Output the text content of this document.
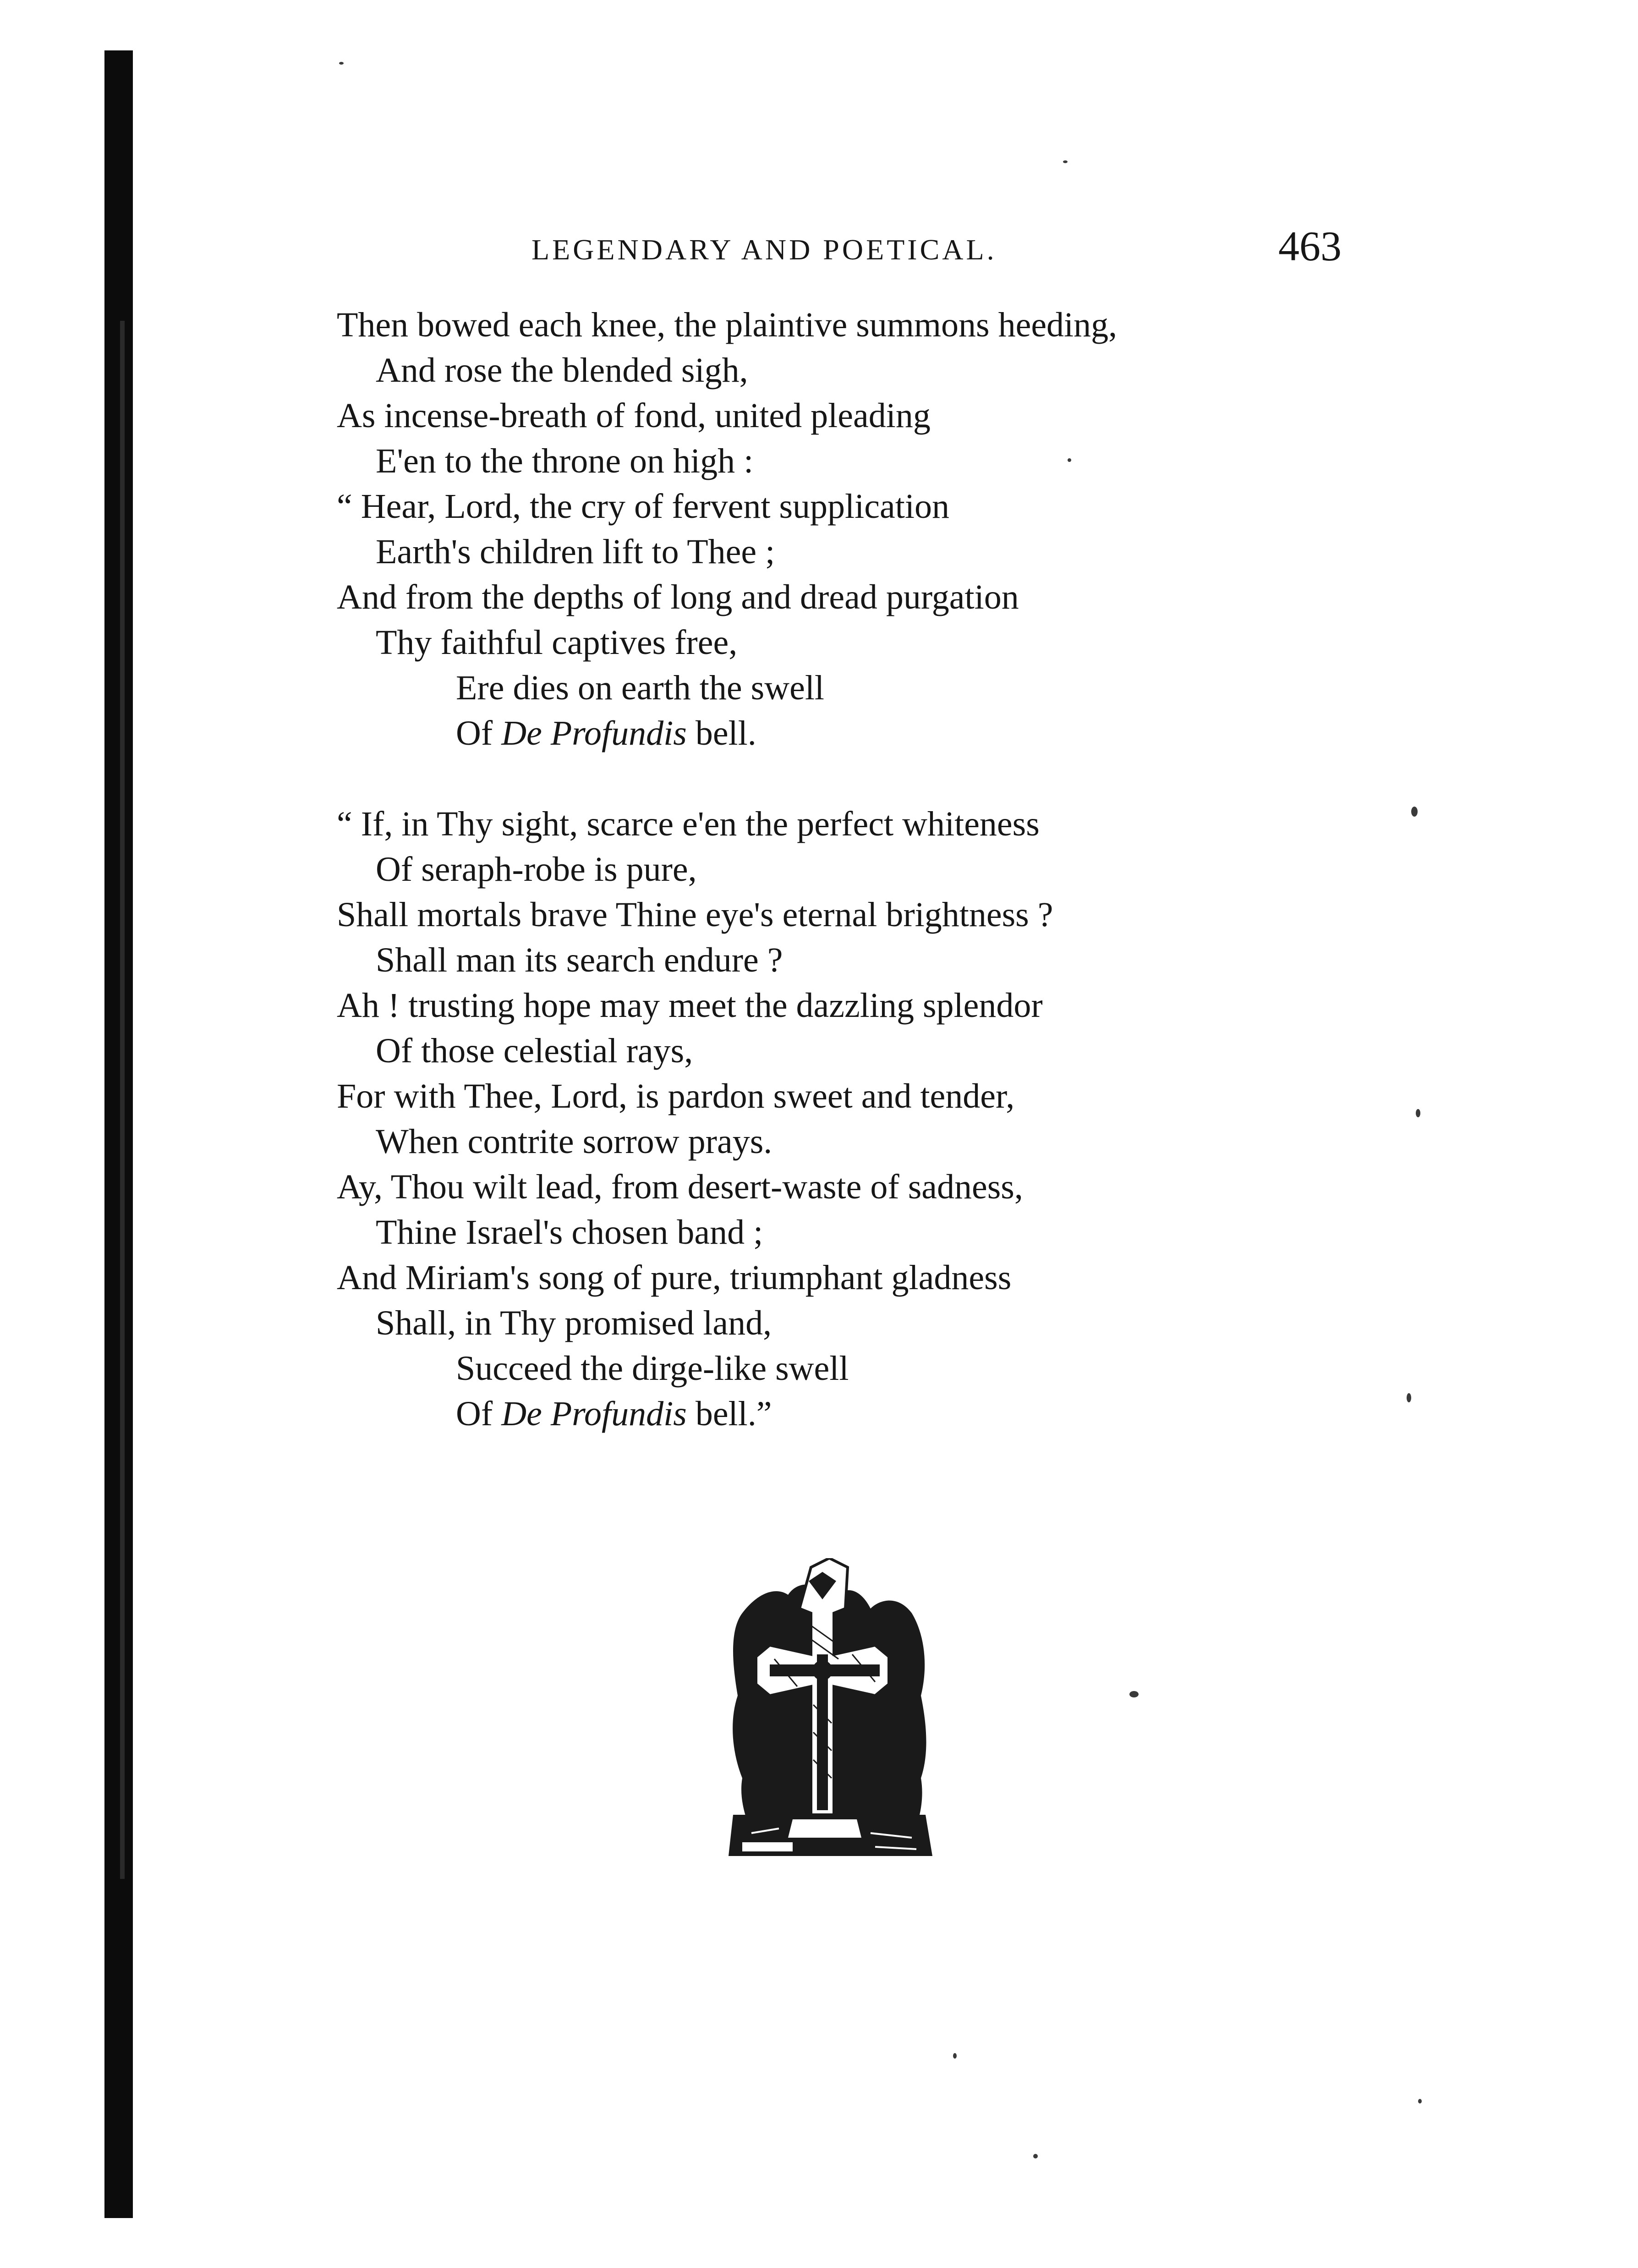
LEGENDARY AND POETICAL.	463
Then bowed each knee, the plaintive summons heeding,
And rose the blended sigh,
As incense-breath of fond, united pleading
E'en to the throne on high :
“ Hear, Lord, the cry of fervent supplication
Earth's children lift to Thee ;
And from the depths of long and dread purgation
Thy faithful captives free,
Ere dies on earth the swell
Of De Profundis bell.
“ If, in Thy sight, scarce e'en the perfect whiteness
Of seraph-robe is pure,
Shall mortals brave Thine eye's eternal brightness ?
Shall man its search endure ?
Ah ! trusting hope may meet the dazzling splendor
Of those celestial rays,
For with Thee, Lord, is pardon sweet and tender,
When contrite sorrow prays.
Ay, Thou wilt lead, from desert-waste of sadness,
Thine Israel's chosen band ;
And Miriam's song of pure, triumphant gladness
Shall, in Thy promised land,
Succeed the dirge-like swell
Of De Profundis bell.”
